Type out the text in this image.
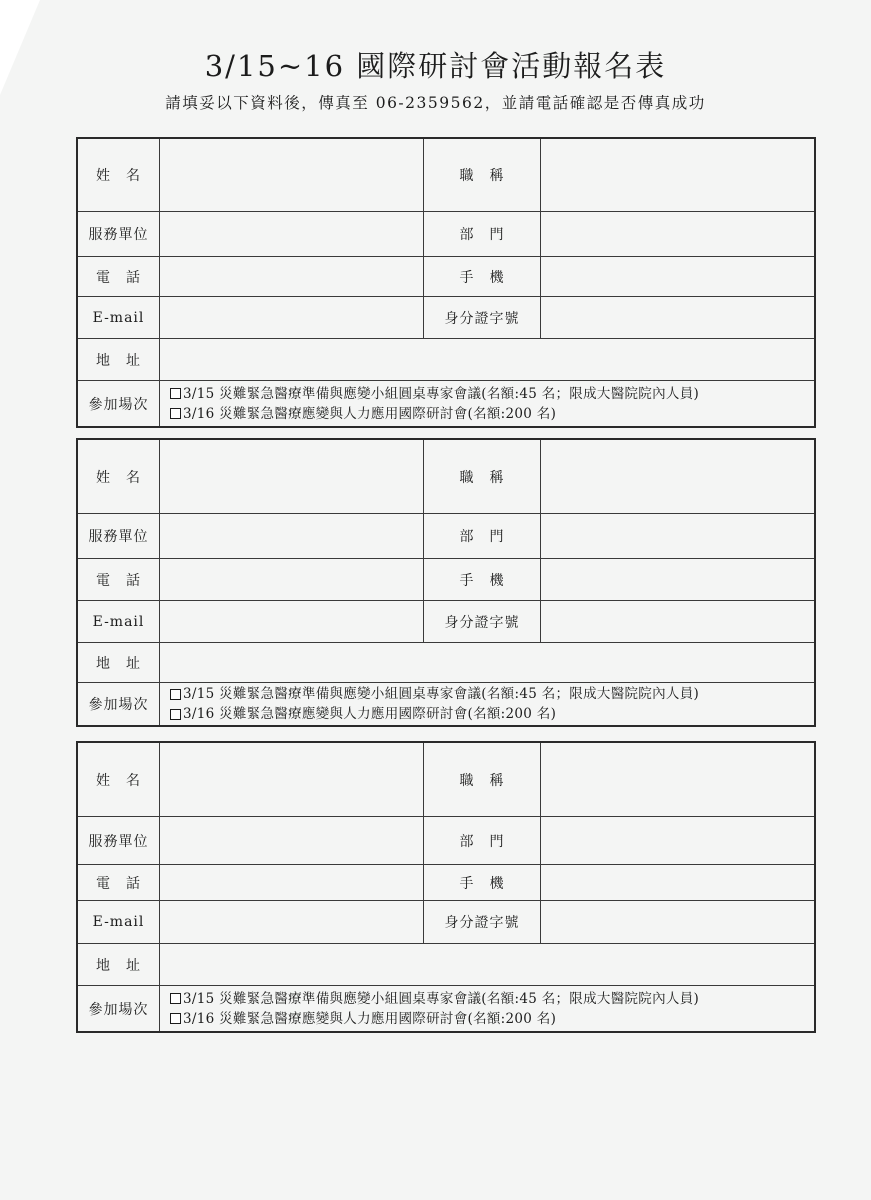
3/15~16 國際研討會活動報名表
請填妥以下資料後，傳真至 06-2359562，並請電話確認是否傳真成功
姓　名	職　稱
服務單位	部　門
電　話	手　機
E-mail	身分證字號
地　址
參加場次
3/15 災難緊急醫療準備與應變小組圓桌專家會議(名額:45 名；限成大醫院院內人員)
3/16 災難緊急醫療應變與人力應用國際研討會(名額:200 名)
姓　名	職　稱
服務單位	部　門
電　話	手　機
E-mail	身分證字號
地　址
參加場次
3/15 災難緊急醫療準備與應變小組圓桌專家會議(名額:45 名；限成大醫院院內人員)
3/16 災難緊急醫療應變與人力應用國際研討會(名額:200 名)
姓　名	職　稱
服務單位	部　門
電　話	手　機
E-mail	身分證字號
地　址
參加場次
3/15 災難緊急醫療準備與應變小組圓桌專家會議(名額:45 名；限成大醫院院內人員)
3/16 災難緊急醫療應變與人力應用國際研討會(名額:200 名)
